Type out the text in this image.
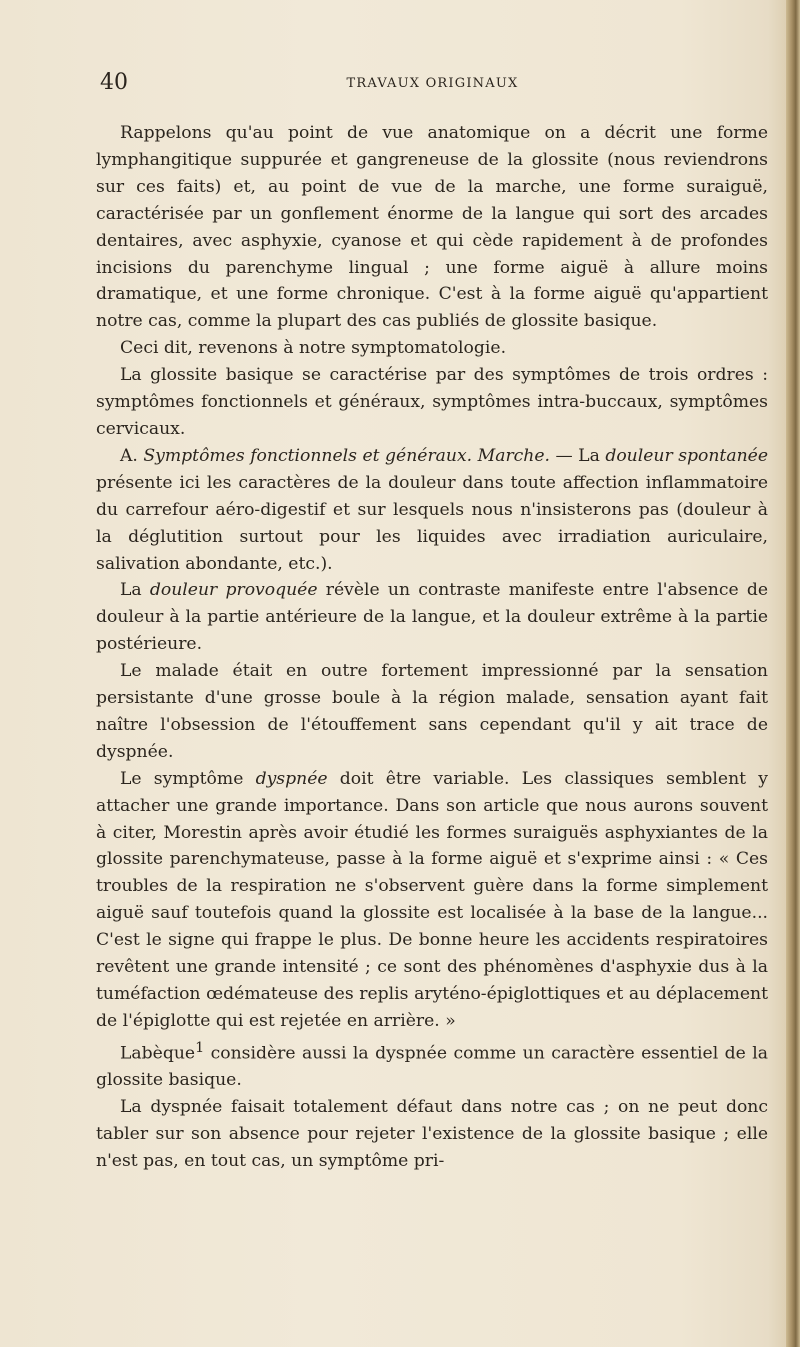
40	TRAVAUX ORIGINAUX

Rappelons qu'au point de vue anatomique on a décrit une forme lymphangitique suppurée et gangreneuse de la glossite (nous reviendrons sur ces faits) et, au point de vue de la marche, une forme suraiguë, caractérisée par un gonflement énorme de la langue qui sort des arcades dentaires, avec asphyxie, cyanose et qui cède rapidement à de profondes incisions du parenchyme lingual ; une forme aiguë à allure moins dramatique, et une forme chronique. C'est à la forme aiguë qu'appartient notre cas, comme la plupart des cas publiés de glossite basique.

Ceci dit, revenons à notre symptomatologie.

La glossite basique se caractérise par des symptômes de trois ordres : symptômes fonctionnels et généraux, symptômes intra-buccaux, symptômes cervicaux.

A. Symptômes fonctionnels et généraux. Marche. — La douleur spontanée présente ici les caractères de la douleur dans toute affection inflammatoire du carrefour aéro-digestif et sur lesquels nous n'insisterons pas (douleur à la déglutition surtout pour les liquides avec irradiation auriculaire, salivation abondante, etc.).

La douleur provoquée révèle un contraste manifeste entre l'absence de douleur à la partie antérieure de la langue, et la douleur extrême à la partie postérieure.

Le malade était en outre fortement impressionné par la sensation persistante d'une grosse boule à la région malade, sensation ayant fait naître l'obsession de l'étouffement sans cependant qu'il y ait trace de dyspnée.

Le symptôme dyspnée doit être variable. Les classiques semblent y attacher une grande importance. Dans son article que nous aurons souvent à citer, Morestin après avoir étudié les formes suraiguës asphyxiantes de la glossite parenchymateuse, passe à la forme aiguë et s'exprime ainsi : « Ces troubles de la respiration ne s'observent guère dans la forme simplement aiguë sauf toutefois quand la glossite est localisée à la base de la langue... C'est le signe qui frappe le plus. De bonne heure les accidents respiratoires revêtent une grande intensité ; ce sont des phénomènes d'asphyxie dus à la tuméfaction œdémateuse des replis aryténo-épiglottiques et au déplacement de l'épiglotte qui est rejetée en arrière. »

Labèque$^1$ considère aussi la dyspnée comme un caractère essentiel de la glossite basique.

La dyspnée faisait totalement défaut dans notre cas ; on ne peut donc tabler sur son absence pour rejeter l'existence de la glossite basique ; elle n'est pas, en tout cas, un symptôme pri-
